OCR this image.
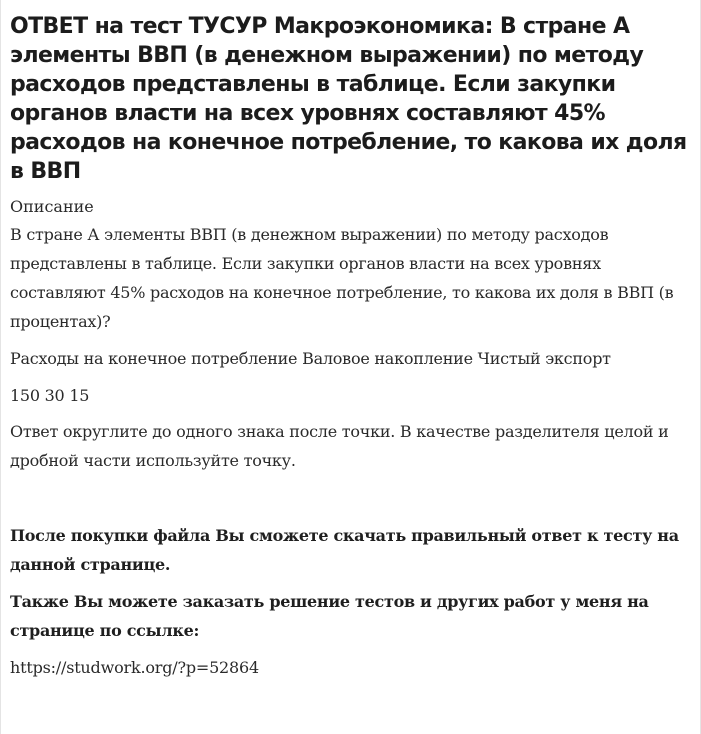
ОТВЕТ на тест ТУСУР Макроэкономика: В стране А элементы ВВП (в денежном выражении) по методу расходов представлены в таблице. Если закупки органов власти на всех уровнях составляют 45% расходов на конечное потребление, то какова их доля в ВВП
Описание

В стране А элементы ВВП (в денежном выражении) по методу расходов представлены в таблице. Если закупки органов власти на всех уровнях составляют 45% расходов на конечное потребление, то какова их доля в ВВП (в процентах)?

Расходы на конечное потребление Валовое накопление Чистый экспорт

150 30 15

Ответ округлите до одного знака после точки. В качестве разделителя целой и дробной части используйте точку.

После покупки файла Вы сможете скачать правильный ответ к тесту на данной странице.

Также Вы можете заказать решение тестов и других работ у меня на странице по ссылке:

https://studwork.org/?p=52864
